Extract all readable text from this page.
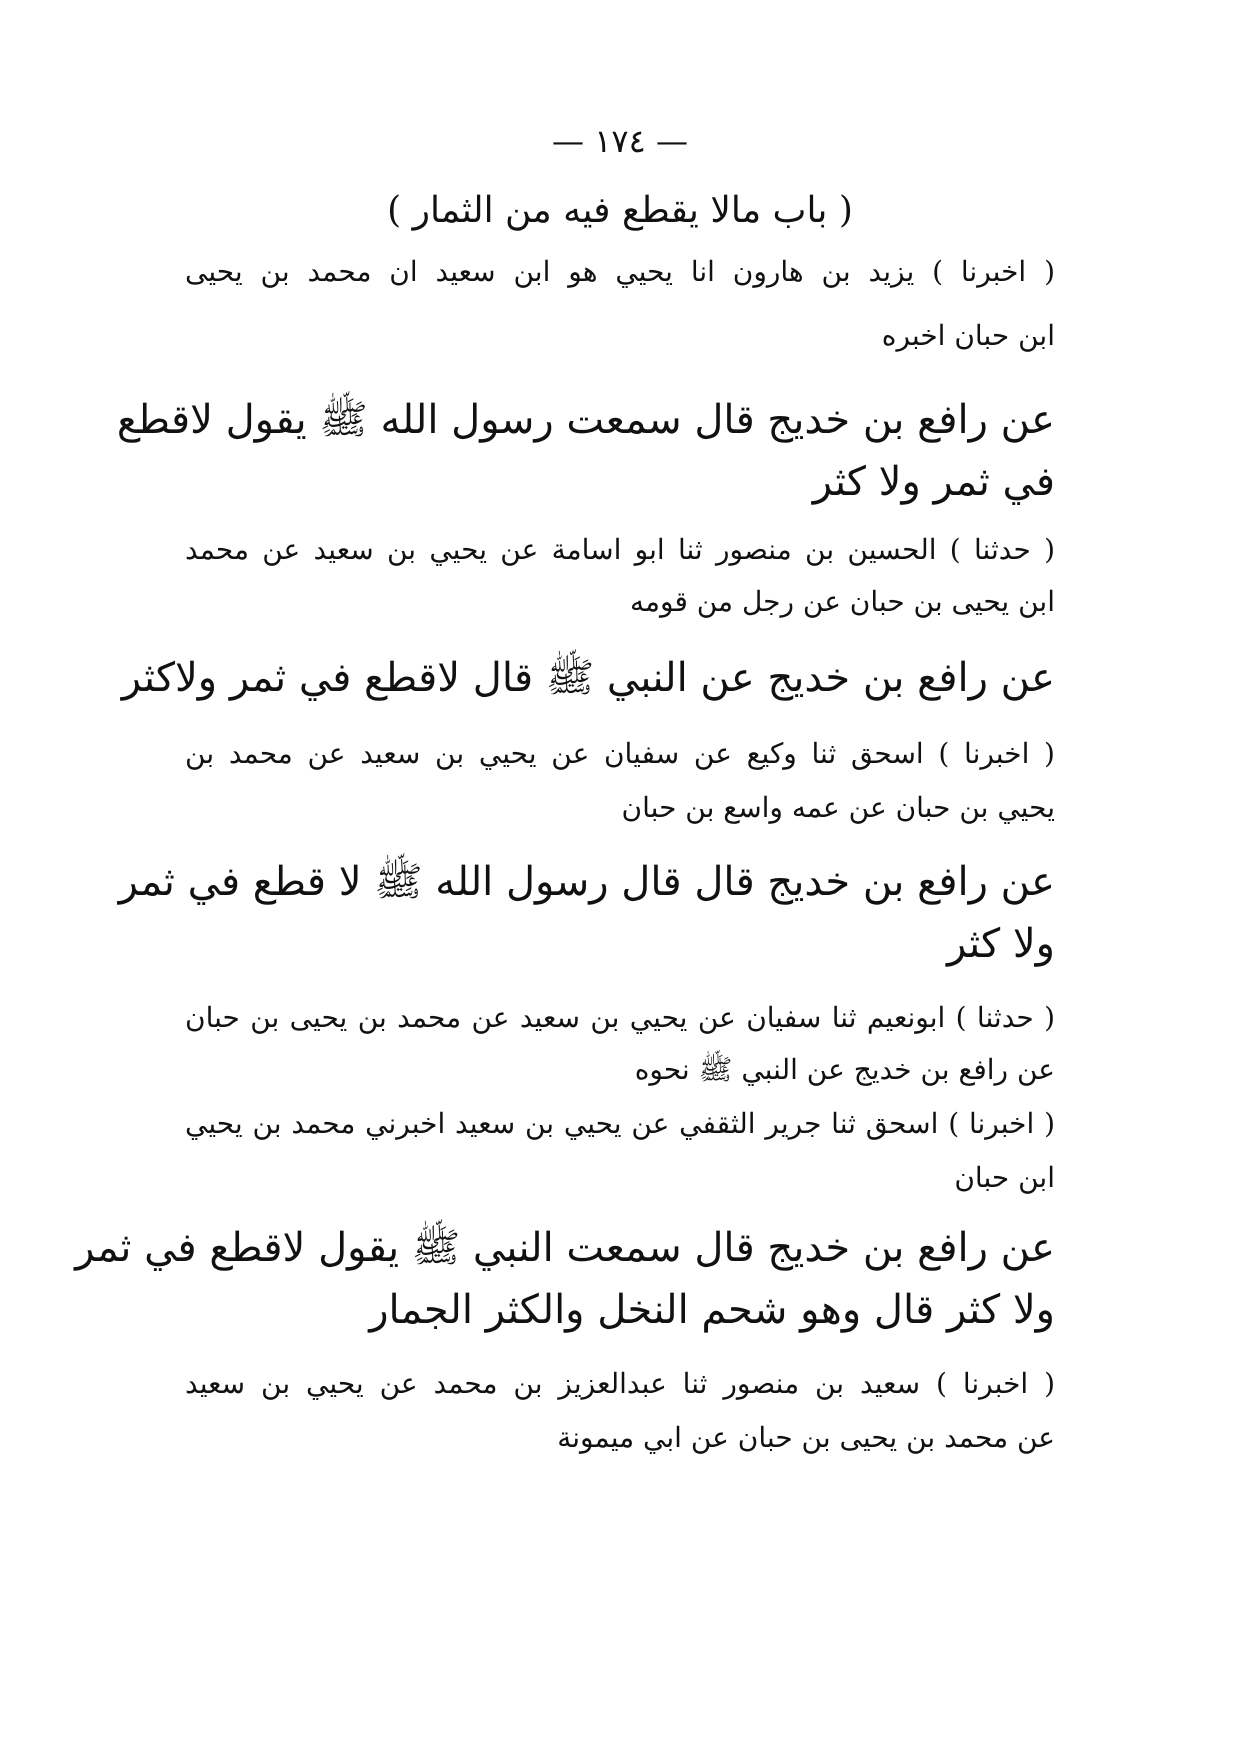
— ١٧٤ —
( باب مالا يقطع فيه من الثمار )
( اخبرنا ) يزيد بن هارون انا يحيي هو ابن سعيد ان محمد بن يحيى
ابن حبان اخبره
عن رافع بن خديج قال سمعت رسول الله ﷺ يقول لاقطع
في ثمر ولا كثر
( حدثنا ) الحسين بن منصور ثنا ابو اسامة عن يحيي بن سعيد عن محمد
ابن يحيى بن حبان عن رجل من قومه
عن رافع بن خديج عن النبي ﷺ قال لاقطع في ثمر ولاكثر
( اخبرنا ) اسحق ثنا وكيع عن سفيان عن يحيي بن سعيد عن محمد بن
يحيي بن حبان عن عمه واسع بن حبان
عن رافع بن خديج قال قال رسول الله ﷺ لا قطع في ثمر
ولا كثر
( حدثنا ) ابونعيم ثنا سفيان عن يحيي بن سعيد عن محمد بن يحيى بن حبان
عن رافع بن خديج عن النبي ﷺ نحوه
( اخبرنا ) اسحق ثنا جرير الثقفي عن يحيي بن سعيد اخبرني محمد بن يحيي
ابن حبان
عن رافع بن خديج قال سمعت النبي ﷺ يقول لاقطع في ثمر
ولا كثر قال وهو شحم النخل والكثر الجمار
( اخبرنا ) سعيد بن منصور ثنا عبدالعزيز بن محمد عن يحيي بن سعيد
عن محمد بن يحيى بن حبان عن ابي ميمونة
